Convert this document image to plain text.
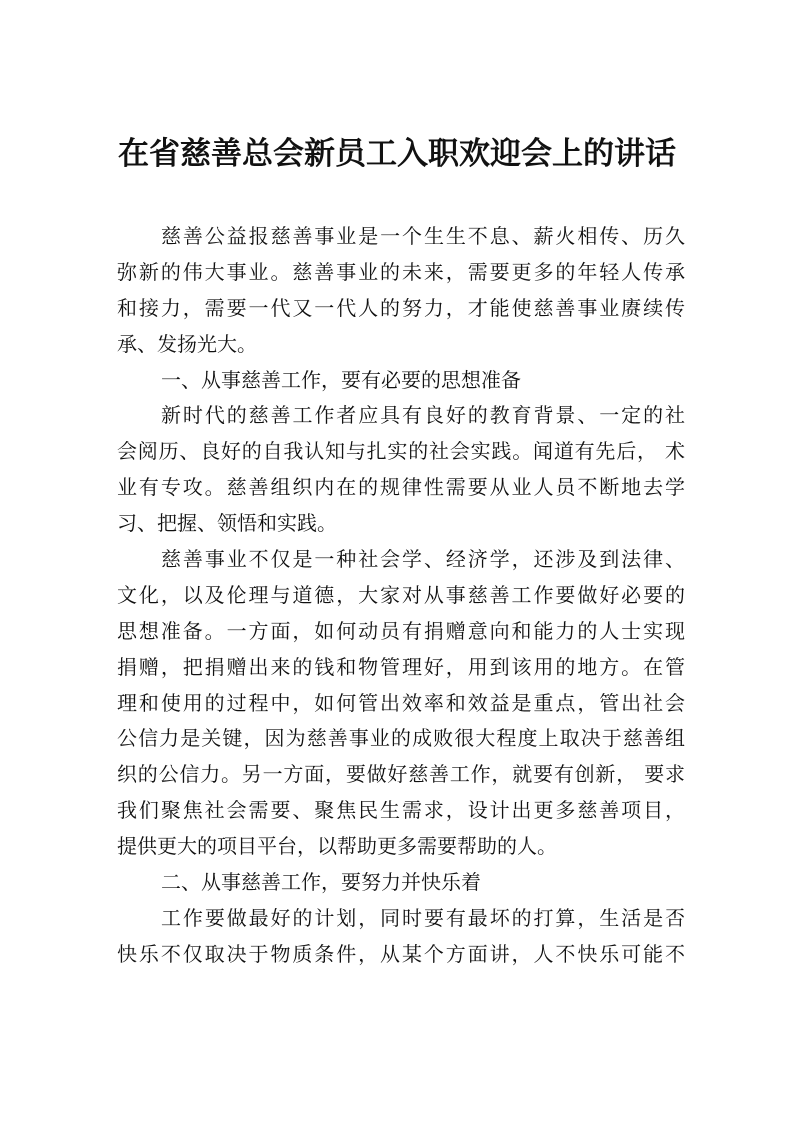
在省慈善总会新员工入职欢迎会上的讲话
慈善公益报慈善事业是一个生生不息、薪火相传、历久
弥新的伟大事业。慈善事业的未来，需要更多的年轻人传承
和接力，需要一代又一代人的努力，才能使慈善事业赓续传
承、发扬光大。
一、从事慈善工作，要有必要的思想准备
新时代的慈善工作者应具有良好的教育背景、一定的社
会阅历、良好的自我认知与扎实的社会实践。闻道有先后， 术
业有专攻。慈善组织内在的规律性需要从业人员不断地去学
习、把握、领悟和实践。
慈善事业不仅是一种社会学、经济学，还涉及到法律、
文化，以及伦理与道德，大家对从事慈善工作要做好必要的
思想准备。一方面，如何动员有捐赠意向和能力的人士实现
捐赠，把捐赠出来的钱和物管理好，用到该用的地方。在管
理和使用的过程中，如何管出效率和效益是重点，管出社会
公信力是关键，因为慈善事业的成败很大程度上取决于慈善组
织的公信力。另一方面，要做好慈善工作，就要有创新， 要求
我们聚焦社会需要、聚焦民生需求，设计出更多慈善项目，
提供更大的项目平台，以帮助更多需要帮助的人。
二、从事慈善工作，要努力并快乐着
工作要做最好的计划，同时要有最坏的打算，生活是否
快乐不仅取决于物质条件，从某个方面讲，人不快乐可能不
